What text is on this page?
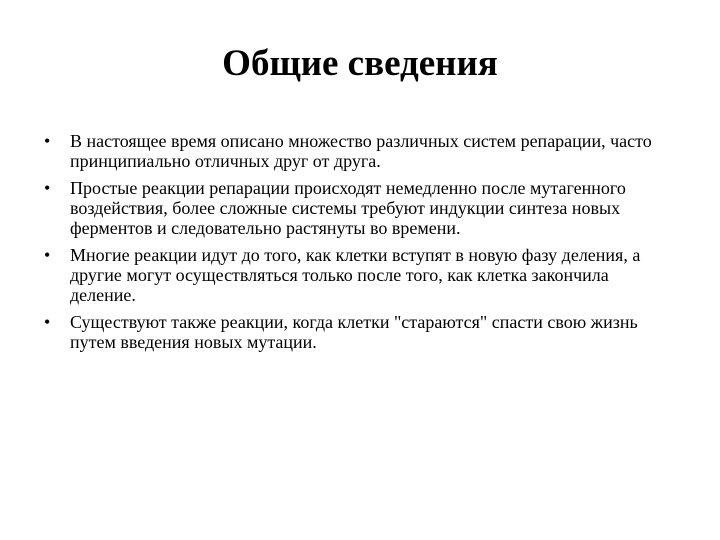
Общие сведения
•	В настоящее время описано множество различных систем репарации, часто принципиально отличных друг от друга.
•	Простые реакции репарации происходят немедленно после мутагенного воздействия, более сложные системы требуют индукции синтеза новых ферментов и следовательно растянуты во времени.
•	Многие реакции идут до того, как клетки вступят в новую фазу деления, а другие могут осуществляться только после того, как клетка закончила деление.
•	Существуют также реакции, когда клетки "стараются" спасти свою жизнь путем введения новых мутации.
